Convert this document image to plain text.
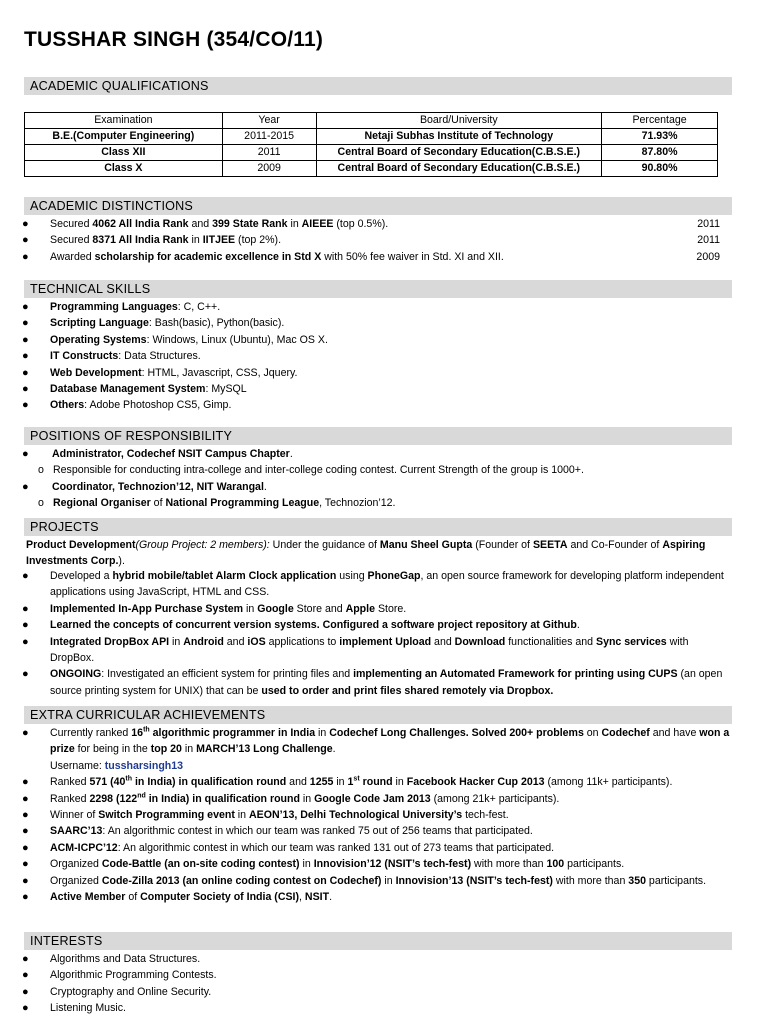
TUSSHAR SINGH (354/CO/11)
ACADEMIC QUALIFICATIONS
Examination	Year	Board/University	Percentage
B.E.(Computer Engineering)	2011-2015	Netaji Subhas Institute of Technology	71.93%
Class XII	2011	Central Board of Secondary Education(C.B.S.E.)	87.80%
Class X	2009	Central Board of Secondary Education(C.B.S.E.)	90.80%
ACADEMIC DISTINCTIONS
● Secured 4062 All India Rank and 399 State Rank in AIEEE (top 0.5%).	2011
● Secured 8371 All India Rank in IITJEE (top 2%).	2011
● Awarded scholarship for academic excellence in Std X with 50% fee waiver in Std. XI and XII.	2009
TECHNICAL SKILLS
● Programming Languages: C, C++.
● Scripting Language: Bash(basic), Python(basic).
● Operating Systems: Windows, Linux (Ubuntu), Mac OS X.
● IT Constructs: Data Structures.
● Web Development: HTML, Javascript, CSS, Jquery.
● Database Management System: MySQL
● Others: Adobe Photoshop CS5, Gimp.
POSITIONS OF RESPONSIBILITY
● Administrator, Codechef NSIT Campus Chapter.
o Responsible for conducting intra-college and inter-college coding contest. Current Strength of the group is 1000+.
● Coordinator, Technozion’12, NIT Warangal.
o Regional Organiser of National Programming League, Technozion’12.
PROJECTS
Product Development(Group Project: 2 members): Under the guidance of Manu Sheel Gupta (Founder of SEETA and Co-Founder of Aspiring Investments Corp.).
● Developed a hybrid mobile/tablet Alarm Clock application using PhoneGap, an open source framework for developing platform independent applications using JavaScript, HTML and CSS.
● Implemented In-App Purchase System in Google Store and Apple Store.
● Learned the concepts of concurrent version systems. Configured a software project repository at Github.
● Integrated DropBox API in Android and iOS applications to implement Upload and Download functionalities and Sync services with DropBox.
● ONGOING: Investigated an efficient system for printing files and implementing an Automated Framework for printing using CUPS (an open source printing system for UNIX) that can be used to order and print files shared remotely via Dropbox.
EXTRA CURRICULAR ACHIEVEMENTS
● Currently ranked 16th algorithmic programmer in India in Codechef Long Challenges. Solved 200+ problems on Codechef and have won a prize for being in the top 20 in MARCH’13 Long Challenge.
Username: tussharsingh13
● Ranked 571 (40th in India) in qualification round and 1255 in 1st round in Facebook Hacker Cup 2013 (among 11k+ participants).
● Ranked 2298 (122nd in India) in qualification round in Google Code Jam 2013 (among 21k+ participants).
● Winner of Switch Programming event in AEON’13, Delhi Technological University’s tech-fest.
● SAARC’13: An algorithmic contest in which our team was ranked 75 out of 256 teams that participated.
● ACM-ICPC’12: An algorithmic contest in which our team was ranked 131 out of 273 teams that participated.
● Organized Code-Battle (an on-site coding contest) in Innovision’12 (NSIT’s tech-fest) with more than 100 participants.
● Organized Code-Zilla 2013 (an online coding contest on Codechef) in Innovision’13 (NSIT’s tech-fest) with more than 350 participants.
● Active Member of Computer Society of India (CSI), NSIT.
INTERESTS
● Algorithms and Data Structures.
● Algorithmic Programming Contests.
● Cryptography and Online Security.
● Listening Music.
